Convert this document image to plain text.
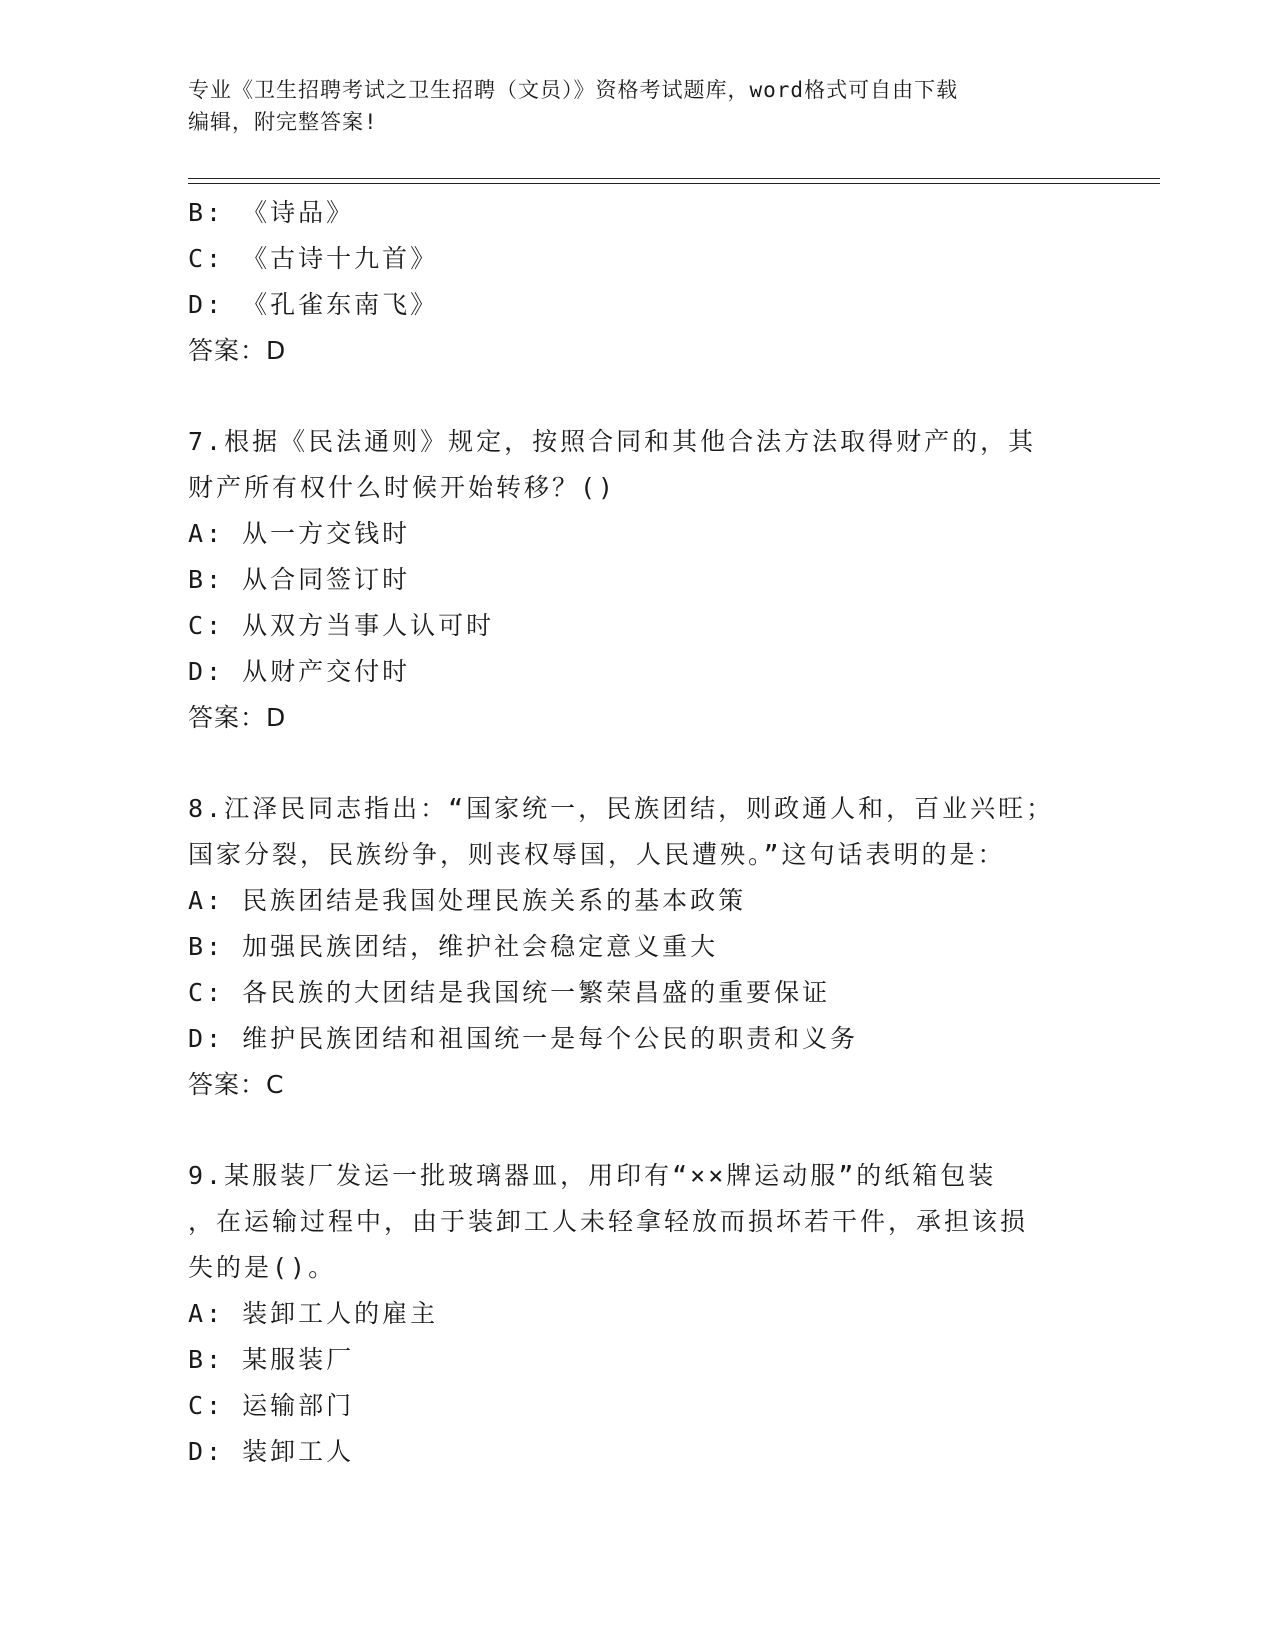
专业《卫生招聘考试之卫生招聘（文员）》资格考试题库，word格式可自由下载
编辑，附完整答案!
B: 《诗品》
C: 《古诗十九首》
D: 《孔雀东南飞》
答案：D
7.根据《民法通则》规定，按照合同和其他合法方法取得财产的，其
财产所有权什么时候开始转移？()
A: 从一方交钱时
B: 从合同签订时
C: 从双方当事人认可时
D: 从财产交付时
答案：D
8.江泽民同志指出：“国家统一，民族团结，则政通人和，百业兴旺；
国家分裂，民族纷争，则丧权辱国，人民遭殃。”这句话表明的是：
A: 民族团结是我国处理民族关系的基本政策
B: 加强民族团结，维护社会稳定意义重大
C: 各民族的大团结是我国统一繁荣昌盛的重要保证
D: 维护民族团结和祖国统一是每个公民的职责和义务
答案：C
9.某服装厂发运一批玻璃器皿，用印有“××牌运动服”的纸箱包装
，在运输过程中，由于装卸工人未轻拿轻放而损坏若干件，承担该损
失的是()。
A: 装卸工人的雇主
B: 某服装厂
C: 运输部门
D: 装卸工人
